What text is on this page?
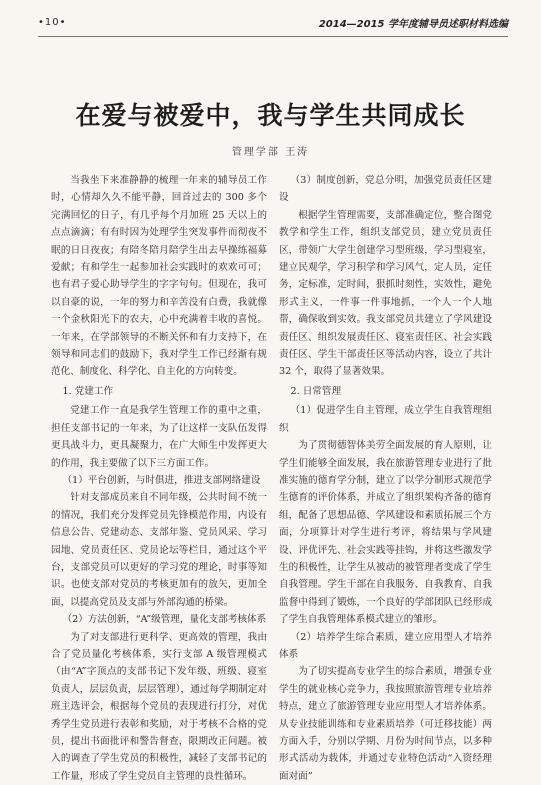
•10•	2014—2015 学年度辅导员述职材料选编
在爱与被爱中，我与学生共同成长
管理学部 王涛

当我坐下来准静静的梳理一年来的辅导员工作时，心情却久久不能平静，回首过去的 300 多个完满回忆的日子，有几乎每个月加班 25 天以上的点点滴滴；有有时因为处理学生突发事件而彻夜不眠的日日夜夜；有陪冬陪月陪学生出去早操练福募爱献；有和学生一起参加社会实践时的欢欢可可；也有君子爱心助导学生的字字句句。但现在，我可以自豪的说，一年的努力和辛苦没有白费，我就像一个金秋阳光下的农夫，心中充满着丰收的喜悦。一年来，在学部领导的不断关怀和有力支持下，在领导和同志们的鼓励下，我对学生工作已经渐有规范化、制度化、科学化、自主化的方向转变。

1. 党建工作

党建工作一直是我学生管理工作的重中之重，担任支部书记的一年来，为了让这样一支队伍发得更具战斗力，更具凝聚力，在广大师生中发挥更大的作用，我主要做了以下三方面工作。

（1）平台创新，与时俱进，推进支部网络建设

针对支部成员来自不同年级，公共时间不统一的情况，我们充分发挥党员先锋模范作用，内设有信息公告、党建动态、支部年鉴、党员风采、学习园地、党员责任区、党员论坛等栏目，通过这个平台，支部党员可以更好的学习党的理论，时事等知识。也使支部对党员的考核更加有的放矢，更加全面，以提高党员及支部与外部沟通的桥梁。

（2）方法创新，“A”级管理，量化支部考核体系

为了对支部进行更科学、更高效的管理，我由合了党员量化考核体系，实行支部 A 级管理模式（由“A”字顶点的支部书记下发年级、班级、寝室负责人，层层负责，层层管理），通过每学期制定对班主选评会，根据每个党员的表现进行打分，对优秀学生党员进行表彰和奖励，对于考核不合格的党员，提出书面批评和警告督查，限期改正问题。被入的调查了学生党员的积极性，减轻了支部书记的工作量，形成了学生党员自主管理的良性循环。

（3）制度创新，党总分明，加强党员责任区建设

根据学生管理需要，支部准确定位，整合图党教学和学生工作，组织支部党员，建立党员责任区，带领广大学生创建学习型班级，学习型寝室，建立民观学，学习积学和学习风气，定人员，定任务，定标准，定时间，狠抓时刻性，实效性，避免形式主义，一件事一件事地抓，一个人一个人地帮，确保收到实效。我支部党员共建立了学风建设责任区、组织发展责任区、寝室责任区、社会实践责任区、学生干部责任区等活动内容，设立了共计 32 个，取得了显著效果。

2. 日常管理

（1）促进学生自主管理，成立学生自我管理组织

为了贯彻德智体美劳全面发展的育人原则，让学生们能够全面发展，我在旅游管理专业进行了批准实施的德育学分制，建立了以学分制形式规范学生德育的评价体系，并成立了组织架构齐备的德育组，配备了思想品德、学风建设和素质拓展三个方面，分项算计对学生进行考评，将结果与学风建设、评优评先、社会实践等挂钩，并将这些激发学生的积极性，让学生从被动的被管理者变成了学生自我管理。学生干部在自我服务、自我教育、自我监督中得到了锻炼，一个良好的学部团队已经形成了学生自我管理体系模式建立的雏形。

（2）培养学生综合素质，建立应用型人才培养体系

为了切实提高专业学生的综合素质，增强专业学生的就业核心竞争力，我按照旅游管理专业培养特点，建立了旅游管理专业应用型人才培养体系。从专业技能训练和专业素质培养（可迁移技能）两方面入手，分别以学期、月份为时间节点，以多种形式活动为载体，并通过专业特色活动“入资经理面对面”
